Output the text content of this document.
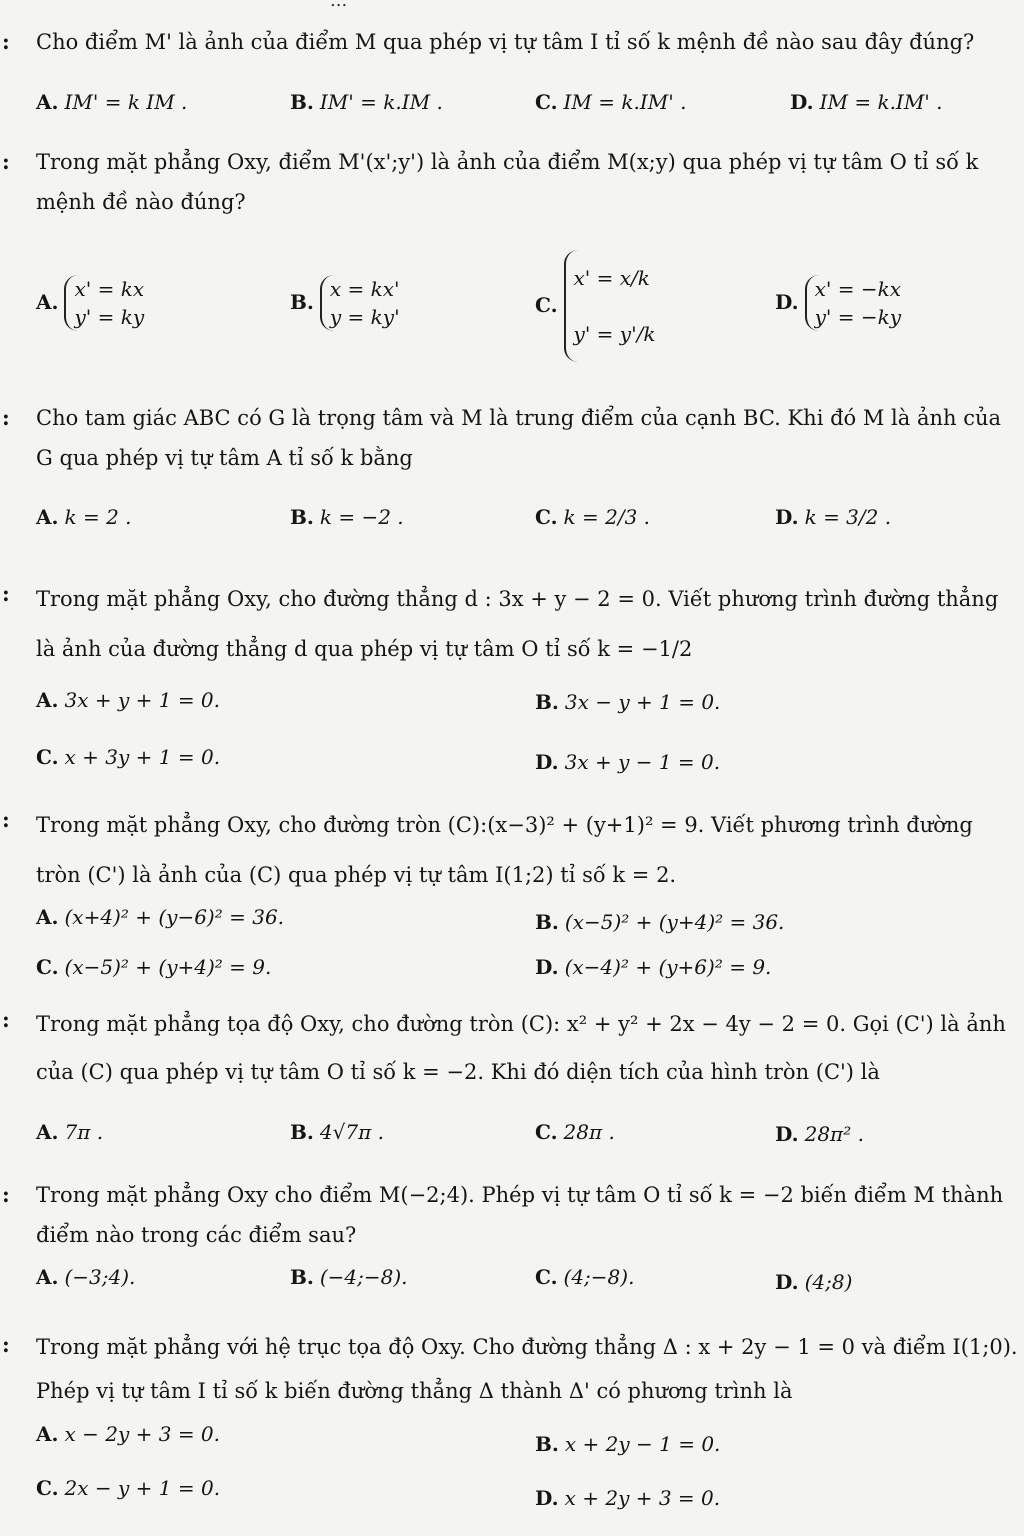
: Cho điểm M' là ảnh của điểm M qua phép vị tự tâm I tỉ số k mệnh đề nào sau đây đúng?
A. IM' = k IM .	B. IM' = k.IM .	C. IM = k.IM' .	D. IM = k.IM' .
: Trong mặt phẳng Oxy, điểm M'(x';y') là ảnh của điểm M(x;y) qua phép vị tự tâm O tỉ số k mệnh đề nào đúng?
A.x' = kx
y' = ky
B.x = kx'
y = ky'
C.x' = x/k
y' = y'/k
D.x' = −kx
y' = −ky
: Cho tam giác ABC có G là trọng tâm và M là trung điểm của cạnh BC. Khi đó M là ảnh của G qua phép vị tự tâm A tỉ số k bằng
A. k = 2 .	B. k = −2 .	C. k = 2/3 .	D. k = 3/2 .
: Trong mặt phẳng Oxy, cho đường thẳng d : 3x + y − 2 = 0. Viết phương trình đường thẳng là ảnh của đường thẳng d qua phép vị tự tâm O tỉ số k = −1/2
A. 3x + y + 1 = 0.	B. 3x − y + 1 = 0.
C. x + 3y + 1 = 0.	D. 3x + y − 1 = 0.
: Trong mặt phẳng Oxy, cho đường tròn (C):(x−3)² + (y+1)² = 9. Viết phương trình đường tròn (C') là ảnh của (C) qua phép vị tự tâm I(1;2) tỉ số k = 2.
A. (x+4)² + (y−6)² = 36.	B. (x−5)² + (y+4)² = 36.
C. (x−5)² + (y+4)² = 9.	D. (x−4)² + (y+6)² = 9.
: Trong mặt phẳng tọa độ Oxy, cho đường tròn (C): x² + y² + 2x − 4y − 2 = 0. Gọi (C') là ảnh của (C) qua phép vị tự tâm O tỉ số k = −2. Khi đó diện tích của hình tròn (C') là
A. 7π .	B. 4√7π .	C. 28π .	D. 28π² .
: Trong mặt phẳng Oxy cho điểm M(−2;4). Phép vị tự tâm O tỉ số k = −2 biến điểm M thành điểm nào trong các điểm sau?
A. (−3;4).	B. (−4;−8).	C. (4;−8).	D. (4;8)
: Trong mặt phẳng với hệ trục tọa độ Oxy. Cho đường thẳng Δ : x + 2y − 1 = 0 và điểm I(1;0). Phép vị tự tâm I tỉ số k biến đường thẳng Δ thành Δ' có phương trình là
A. x − 2y + 3 = 0.	B. x + 2y − 1 = 0.
C. 2x − y + 1 = 0.	D. x + 2y + 3 = 0.
